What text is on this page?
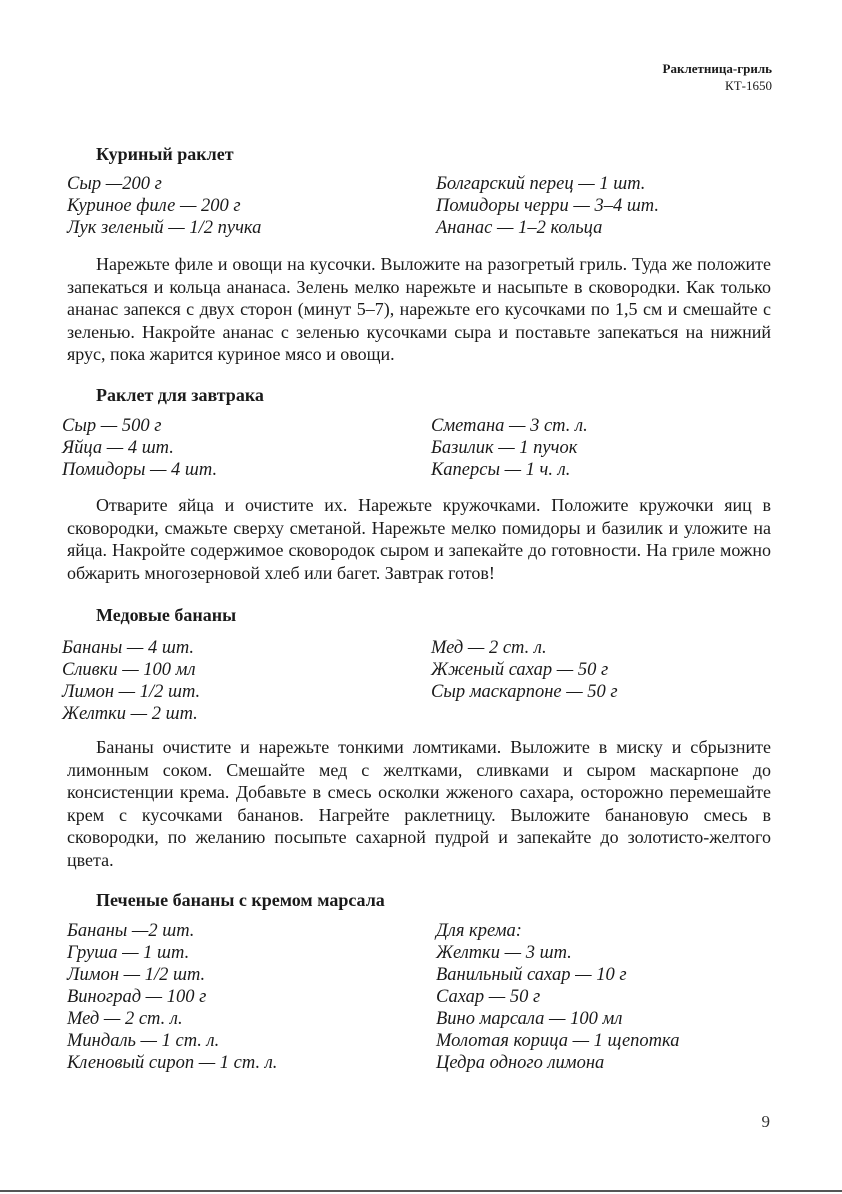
Раклетница-гриль
КТ-1650
Куриный раклет
Сыр —200 г
Куриное филе — 200 г
Лук зеленый — 1/2 пучка
Болгарский перец — 1 шт.
Помидоры черри — 3–4 шт.
Ананас — 1–2 кольца

Нарежьте филе и овощи на кусочки. Выложите на разогретый гриль. Туда же положите запекаться и кольца ананаса. Зелень мелко нарежьте и насыпьте в сковородки. Как только ананас запекся с двух сторон (минут 5–7), нарежьте его кусочками по 1,5 см и смешайте с зеленью. Накройте ананас с зеленью кусочками сыра и поставьте запекаться на нижний ярус, пока жарится куриное мясо и овощи.

Раклет для завтрака
Сыр — 500 г
Яйца — 4 шт.
Помидоры — 4 шт.
Сметана — 3 ст. л.
Базилик — 1 пучок
Каперсы — 1 ч. л.

Отварите яйца и очистите их. Нарежьте кружочками. Положите кружочки яиц в сковородки, смажьте сверху сметаной. Нарежьте мелко помидоры и базилик и уложите на яйца. Накройте содержимое сковородок сыром и запекайте до готовности. На гриле можно обжарить многозерновой хлеб или багет. Завтрак готов!

Медовые бананы
Бананы — 4 шт.
Сливки — 100 мл
Лимон — 1/2 шт.
Желтки — 2 шт.
Мед — 2 ст. л.
Жженый сахар — 50 г
Сыр маскарпоне — 50 г

Бананы очистите и нарежьте тонкими ломтиками. Выложите в миску и сбрызните лимонным соком. Смешайте мед с желтками, сливками и сыром маскарпоне до консистенции крема. Добавьте в смесь осколки жженого сахара, осторожно перемешайте крем с кусочками бананов. Нагрейте раклетницу. Выложите банановую смесь в сковородки, по желанию посыпьте сахарной пудрой и запекайте до золотисто-желтого цвета.

Печеные бананы с кремом марсала
Бананы —2 шт.
Груша — 1 шт.
Лимон — 1/2 шт.
Виноград — 100 г
Мед — 2 ст. л.
Миндаль — 1 ст. л.
Кленовый сироп — 1 ст. л.
Для крема:
Желтки — 3 шт.
Ванильный сахар — 10 г
Сахар — 50 г
Вино марсала — 100 мл
Молотая корица — 1 щепотка
Цедра одного лимона
9
